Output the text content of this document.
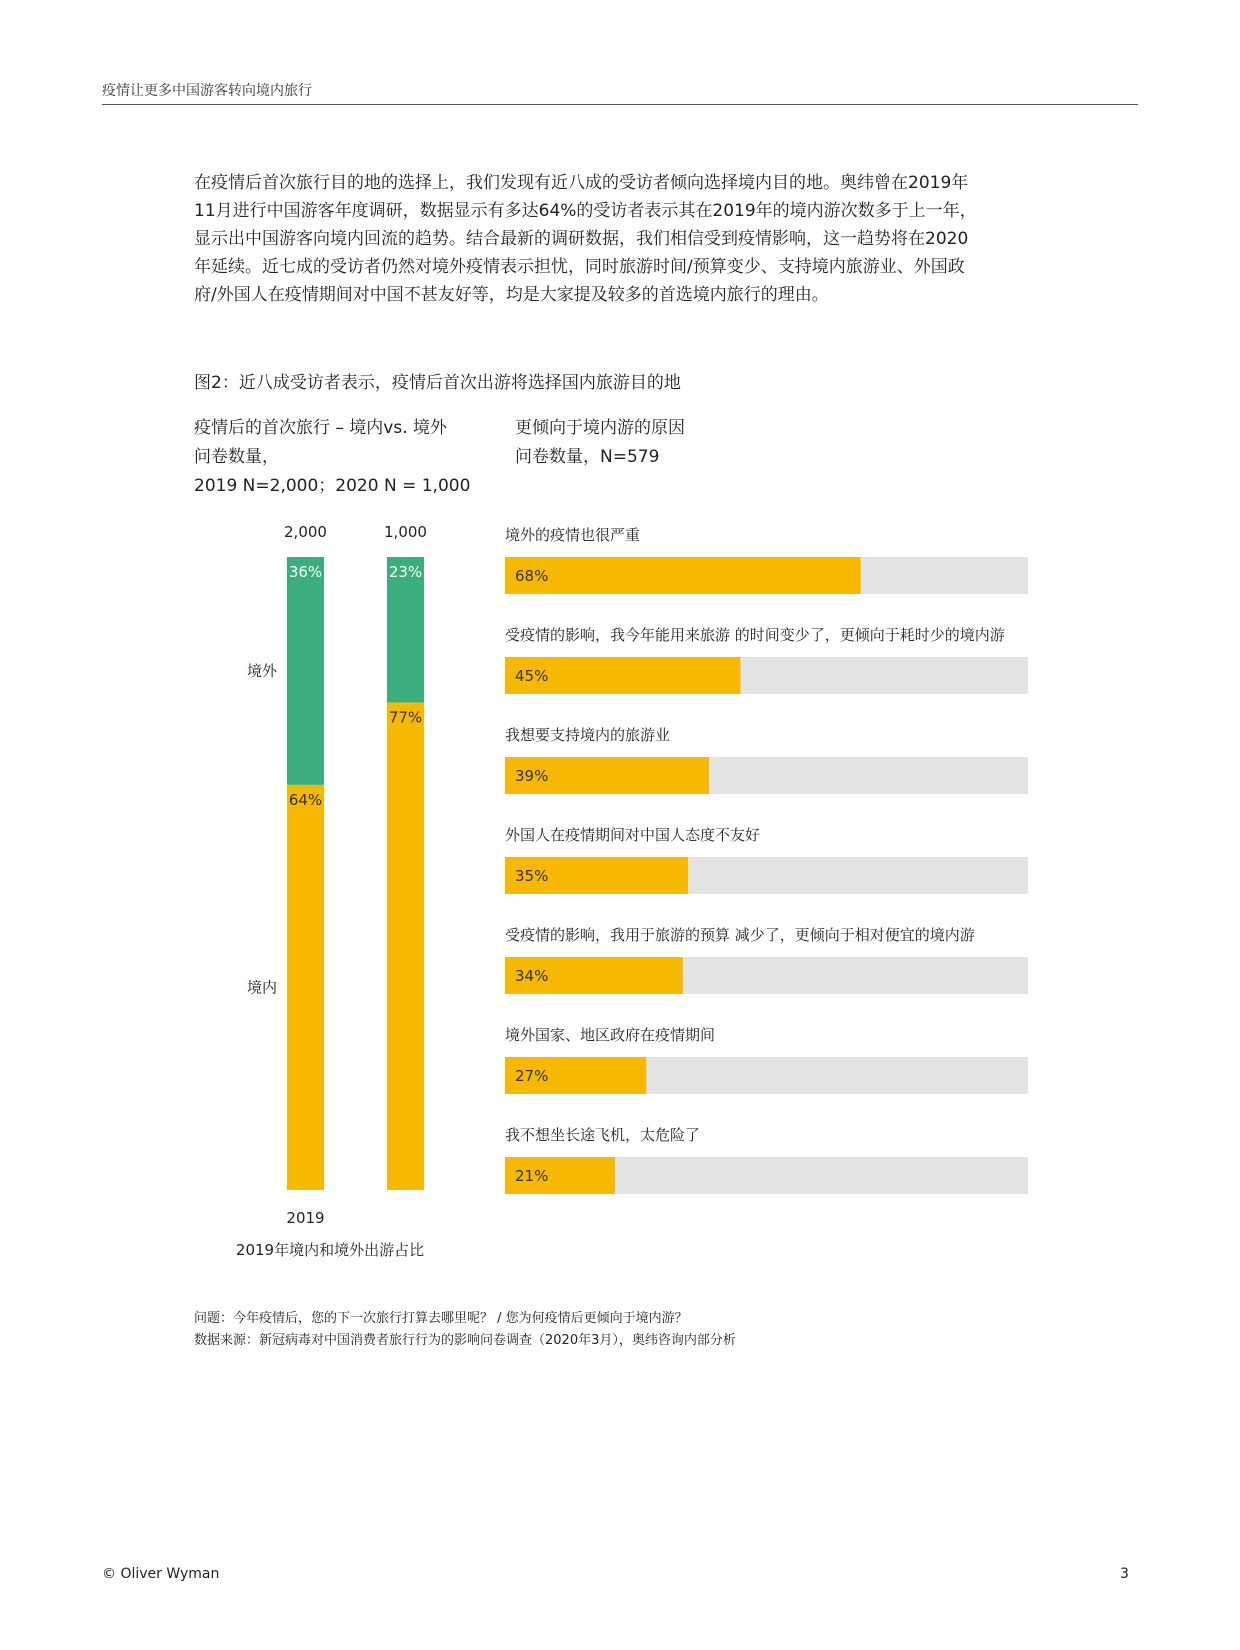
疫情让更多中国游客转向境内旅行
在疫情后首次旅行目的地的选择上，我们发现有近八成的受访者倾向选择境内目的地。奥纬曾在2019年
11月进行中国游客年度调研，数据显示有多达64%的受访者表示其在2019年的境内游次数多于上一年，
显示出中国游客向境内回流的趋势。结合最新的调研数据，我们相信受到疫情影响，这一趋势将在2020
年延续。近七成的受访者仍然对境外疫情表示担忧，同时旅游时间/预算变少、支持境内旅游业、外国政
府/外国人在疫情期间对中国不甚友好等，均是大家提及较多的首选境内旅行的理由。
图2：近八成受访者表示，疫情后首次出游将选择国内旅游目的地
疫情后的首次旅行 – 境内vs. 境外
问卷数量，
2019 N=2,000；2020 N = 1,000
更倾向于境内游的原因
问卷数量，N=579
2,000
36%
64%
2019
1,000
23%
77%
境外
境内
2019年境内和境外出游占比
境外的疫情也很严重
68%
受疫情的影响，我今年能用来旅游 的时间变少了，更倾向于耗时少的境内游
45%
我想要支持境内的旅游业
39%
外国人在疫情期间对中国人态度不友好
35%
受疫情的影响，我用于旅游的预算 减少了，更倾向于相对便宜的境内游
34%
境外国家、地区政府在疫情期间
27%
我不想坐长途飞机，太危险了
21%
问题：今年疫情后，您的下一次旅行打算去哪里呢？ / 您为何疫情后更倾向于境内游？
数据来源：新冠病毒对中国消费者旅行行为的影响问卷调查（2020年3月），奥纬咨询内部分析
© Oliver Wyman	3
